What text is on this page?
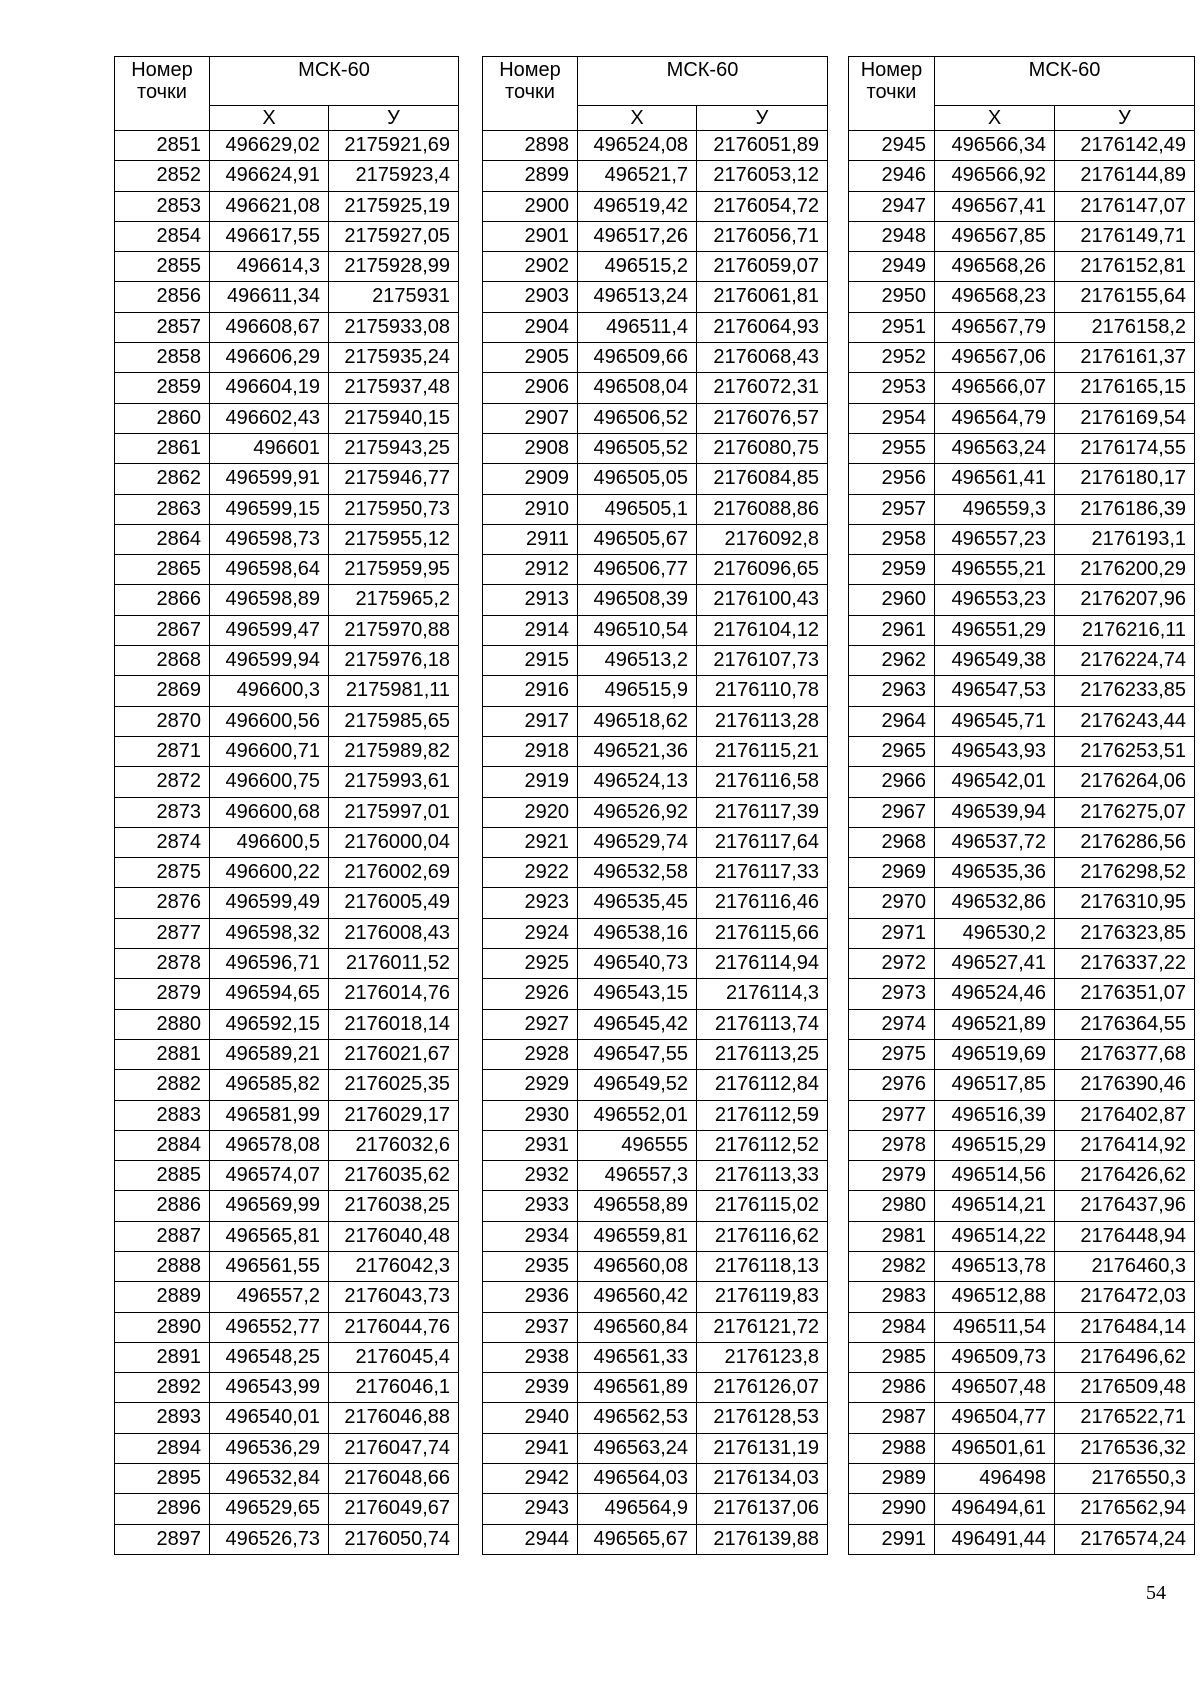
Номер точки	МСК-60	
	Х	У
2851	496629,02	2175921,69
2852	496624,91	2175923,4
2853	496621,08	2175925,19
2854	496617,55	2175927,05
2855	496614,3	2175928,99
2856	496611,34	2175931
2857	496608,67	2175933,08
2858	496606,29	2175935,24
2859	496604,19	2175937,48
2860	496602,43	2175940,15
2861	496601	2175943,25
2862	496599,91	2175946,77
2863	496599,15	2175950,73
2864	496598,73	2175955,12
2865	496598,64	2175959,95
2866	496598,89	2175965,2
2867	496599,47	2175970,88
2868	496599,94	2175976,18
2869	496600,3	2175981,11
2870	496600,56	2175985,65
2871	496600,71	2175989,82
2872	496600,75	2175993,61
2873	496600,68	2175997,01
2874	496600,5	2176000,04
2875	496600,22	2176002,69
2876	496599,49	2176005,49
2877	496598,32	2176008,43
2878	496596,71	2176011,52
2879	496594,65	2176014,76
2880	496592,15	2176018,14
2881	496589,21	2176021,67
2882	496585,82	2176025,35
2883	496581,99	2176029,17
2884	496578,08	2176032,6
2885	496574,07	2176035,62
2886	496569,99	2176038,25
2887	496565,81	2176040,48
2888	496561,55	2176042,3
2889	496557,2	2176043,73
2890	496552,77	2176044,76
2891	496548,25	2176045,4
2892	496543,99	2176046,1
2893	496540,01	2176046,88
2894	496536,29	2176047,74
2895	496532,84	2176048,66
2896	496529,65	2176049,67
2897	496526,73	2176050,74
Номер точки	МСК-60	
	Х	У
2898	496524,08	2176051,89
2899	496521,7	2176053,12
2900	496519,42	2176054,72
2901	496517,26	2176056,71
2902	496515,2	2176059,07
2903	496513,24	2176061,81
2904	496511,4	2176064,93
2905	496509,66	2176068,43
2906	496508,04	2176072,31
2907	496506,52	2176076,57
2908	496505,52	2176080,75
2909	496505,05	2176084,85
2910	496505,1	2176088,86
2911	496505,67	2176092,8
2912	496506,77	2176096,65
2913	496508,39	2176100,43
2914	496510,54	2176104,12
2915	496513,2	2176107,73
2916	496515,9	2176110,78
2917	496518,62	2176113,28
2918	496521,36	2176115,21
2919	496524,13	2176116,58
2920	496526,92	2176117,39
2921	496529,74	2176117,64
2922	496532,58	2176117,33
2923	496535,45	2176116,46
2924	496538,16	2176115,66
2925	496540,73	2176114,94
2926	496543,15	2176114,3
2927	496545,42	2176113,74
2928	496547,55	2176113,25
2929	496549,52	2176112,84
2930	496552,01	2176112,59
2931	496555	2176112,52
2932	496557,3	2176113,33
2933	496558,89	2176115,02
2934	496559,81	2176116,62
2935	496560,08	2176118,13
2936	496560,42	2176119,83
2937	496560,84	2176121,72
2938	496561,33	2176123,8
2939	496561,89	2176126,07
2940	496562,53	2176128,53
2941	496563,24	2176131,19
2942	496564,03	2176134,03
2943	496564,9	2176137,06
2944	496565,67	2176139,88
Номер точки	МСК-60	
	Х	У
2945	496566,34	2176142,49
2946	496566,92	2176144,89
2947	496567,41	2176147,07
2948	496567,85	2176149,71
2949	496568,26	2176152,81
2950	496568,23	2176155,64
2951	496567,79	2176158,2
2952	496567,06	2176161,37
2953	496566,07	2176165,15
2954	496564,79	2176169,54
2955	496563,24	2176174,55
2956	496561,41	2176180,17
2957	496559,3	2176186,39
2958	496557,23	2176193,1
2959	496555,21	2176200,29
2960	496553,23	2176207,96
2961	496551,29	2176216,11
2962	496549,38	2176224,74
2963	496547,53	2176233,85
2964	496545,71	2176243,44
2965	496543,93	2176253,51
2966	496542,01	2176264,06
2967	496539,94	2176275,07
2968	496537,72	2176286,56
2969	496535,36	2176298,52
2970	496532,86	2176310,95
2971	496530,2	2176323,85
2972	496527,41	2176337,22
2973	496524,46	2176351,07
2974	496521,89	2176364,55
2975	496519,69	2176377,68
2976	496517,85	2176390,46
2977	496516,39	2176402,87
2978	496515,29	2176414,92
2979	496514,56	2176426,62
2980	496514,21	2176437,96
2981	496514,22	2176448,94
2982	496513,78	2176460,3
2983	496512,88	2176472,03
2984	496511,54	2176484,14
2985	496509,73	2176496,62
2986	496507,48	2176509,48
2987	496504,77	2176522,71
2988	496501,61	2176536,32
2989	496498	2176550,3
2990	496494,61	2176562,94
2991	496491,44	2176574,24
54
